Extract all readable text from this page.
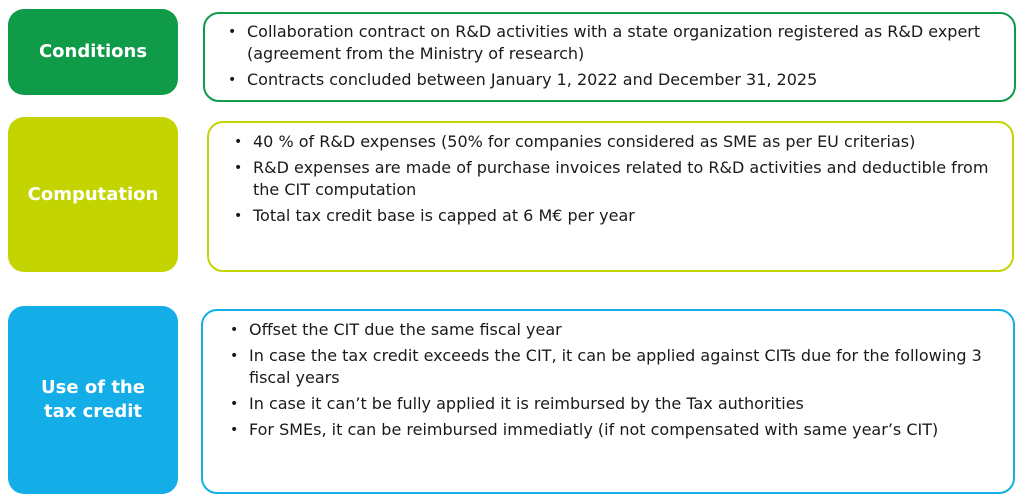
Conditions
• Collaboration contract on R&D activities with a state organization registered as R&D expert (agreement from the Ministry of research)
• Contracts concluded between January 1, 2022 and December 31, 2025
Computation
• 40 % of R&D expenses (50% for companies considered as SME as per EU criterias)
• R&D expenses are made of purchase invoices related to R&D activities and deductible from the CIT computation
• Total tax credit base is capped at 6 M€ per year
Use of the
tax credit
• Offset the CIT due the same fiscal year
• In case the tax credit exceeds the CIT, it can be applied against CITs due for the following 3 fiscal years
• In case it can’t be fully applied it is reimbursed by the Tax authorities
• For SMEs, it can be reimbursed immediatly (if not compensated with same year’s CIT)
